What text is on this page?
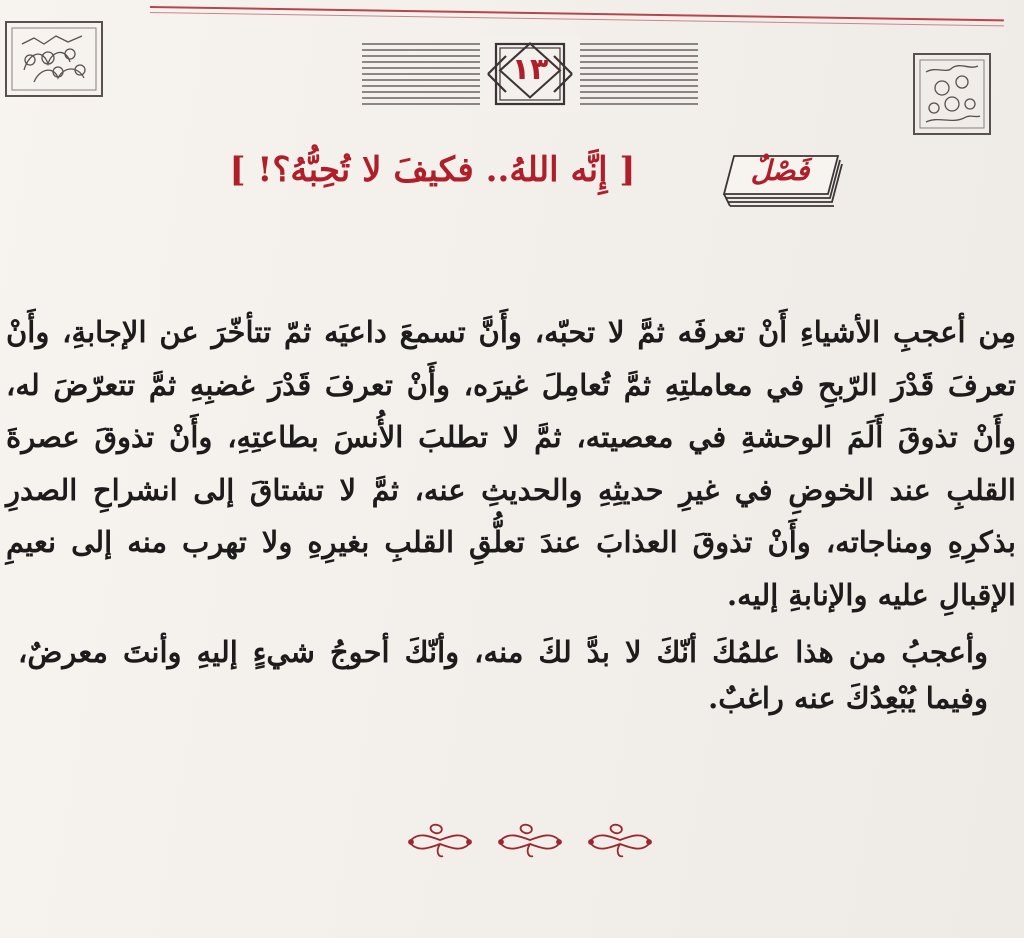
١٣
[ إِنَّه اللهُ.. فكيفَ لا تُحِبُّهُ؟! ]	فَصْلٌ

مِن أعجبِ الأشياءِ أَنْ تعرفَه ثمَّ لا تحبّه، وأَنَّ تسمعَ داعيَه ثمّ تتأخّرَ عن الإجابةِ، وأَنْ تعرفَ قَدْرَ الرّبحِ في معاملتِهِ ثمَّ تُعامِلَ غيرَه، وأَنْ تعرفَ قَدْرَ غضبِهِ ثمَّ تتعرّضَ له، وأَنْ تذوقَ أَلَمَ الوحشةِ في معصيته، ثمَّ لا تطلبَ الأُنسَ بطاعتِهِ، وأَنْ تذوقَ عصرةَ القلبِ عند الخوضِ في غيرِ حديثِهِ والحديثِ عنه، ثمَّ لا تشتاقَ إلى انشراحِ الصدرِ بذكرِهِ ومناجاته، وأَنْ تذوقَ العذابَ عندَ تعلُّقِ القلبِ بغيرِهِ ولا تهرب منه إلى نعيمِ الإقبالِ عليه والإنابةِ إليه.

وأعجبُ من هذا علمُكَ أنّكَ لا بدَّ لكَ منه، وأنّكَ أحوجُ شيءٍ إليهِ وأنتَ معرضٌ، وفيما يُبْعِدُكَ عنه راغبٌ.
